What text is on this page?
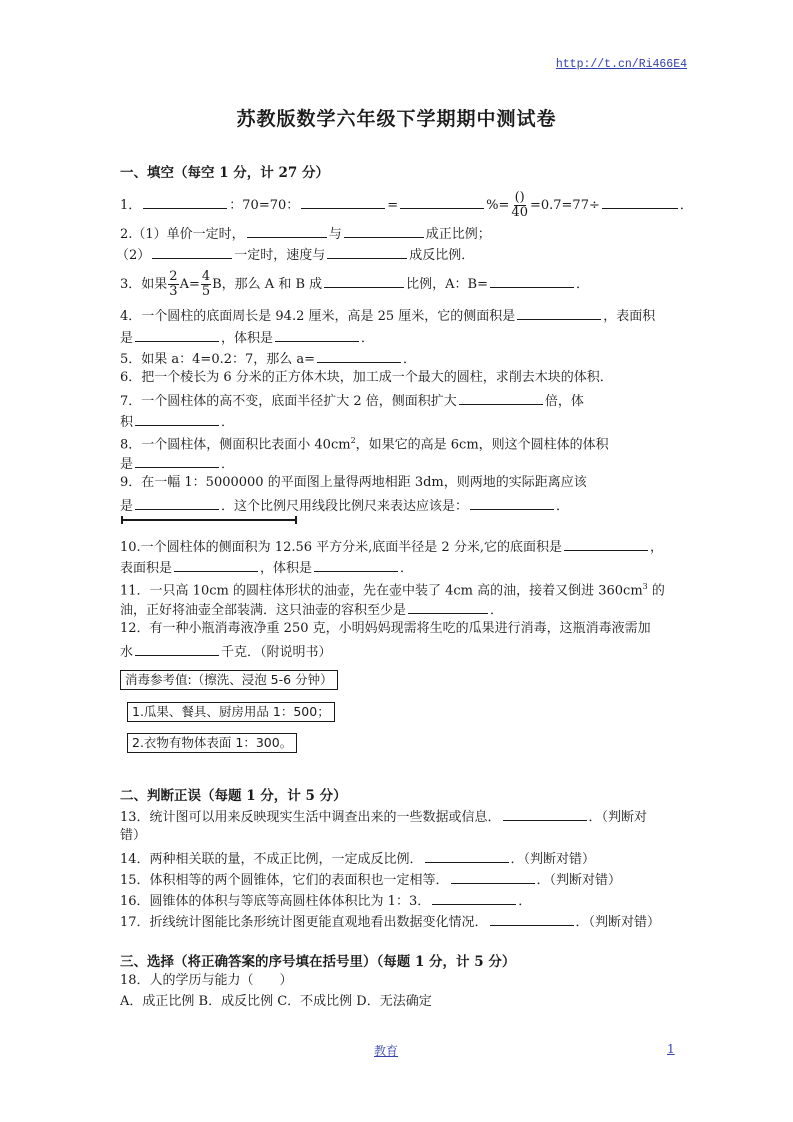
http://t.cn/Ri466E4
苏教版数学六年级下学期期中测试卷
一、填空（每空 1 分，计 27 分）
1．	：70=70：	=	%= $\frac{()}{40} =0.7=77\div$	．
2.（1）单价一定时，	与	成正比例；
（2）	一定时，速度与	成反比例．
3．如果 $\frac{2}{3} A= \frac{4}{5}$ B，那么 A 和 B 成	比例，A：B=	．
4．一个圆柱的底面周长是 94.2 厘米，高是 25 厘米，它的侧面积是	，表面积
是	，体积是	．
5．如果 a：4=0.2：7，那么 a=	．
6．把一个棱长为 6 分米的正方体木块，加工成一个最大的圆柱，求削去木块的体积．
7．一个圆柱体的高不变，底面半径扩大 2 倍，侧面积扩大	倍，体
积	．
8．一个圆柱体，侧面积比表面小 $40cm^2$，如果它的高是 6cm，则这个圆柱体的体积
是	．
9．在一幅 1：5000000 的平面图上量得两地相距 3dm，则两地的实际距离应该
是	．这个比例尺用线段比例尺来表达应该是：	．
10.一个圆柱体的侧面积为 12.56 平方分米,底面半径是 2 分米,它的底面积是	，
表面积是	，体积是	．
11．一只高 10cm 的圆柱体形状的油壶，先在壶中装了 4cm 高的油，接着又倒进 $360cm^3$ 的
油，正好将油壶全部装满．这只油壶的容积至少是	．
12．有一种小瓶消毒液净重 250 克，小明妈妈现需将生吃的瓜果进行消毒，这瓶消毒液需加
水	千克．（附说明书）
消毒参考值:（擦洗、浸泡 5-6 分钟）
1.瓜果、餐具、厨房用品 1：500；
2.衣物有物体表面 1：300。
二、判断正误（每题 1 分，计 5 分）
13．统计图可以用来反映现实生活中调查出来的一些数据或信息．	．（判断对
错）
14．两种相关联的量，不成正比例，一定成反比例．	．（判断对错）
15．体积相等的两个圆锥体，它们的表面积也一定相等．	．（判断对错）
16．圆锥体的体积与等底等高圆柱体体积比为 1：3．	．
17．折线统计图能比条形统计图更能直观地看出数据变化情况．	．（判断对错）
三、选择（将正确答案的序号填在括号里）（每题 1 分，计 5 分）
18．人的学历与能力（　　）
A．成正比例 B．成反比例 C．不成比例 D．无法确定
教育	1
